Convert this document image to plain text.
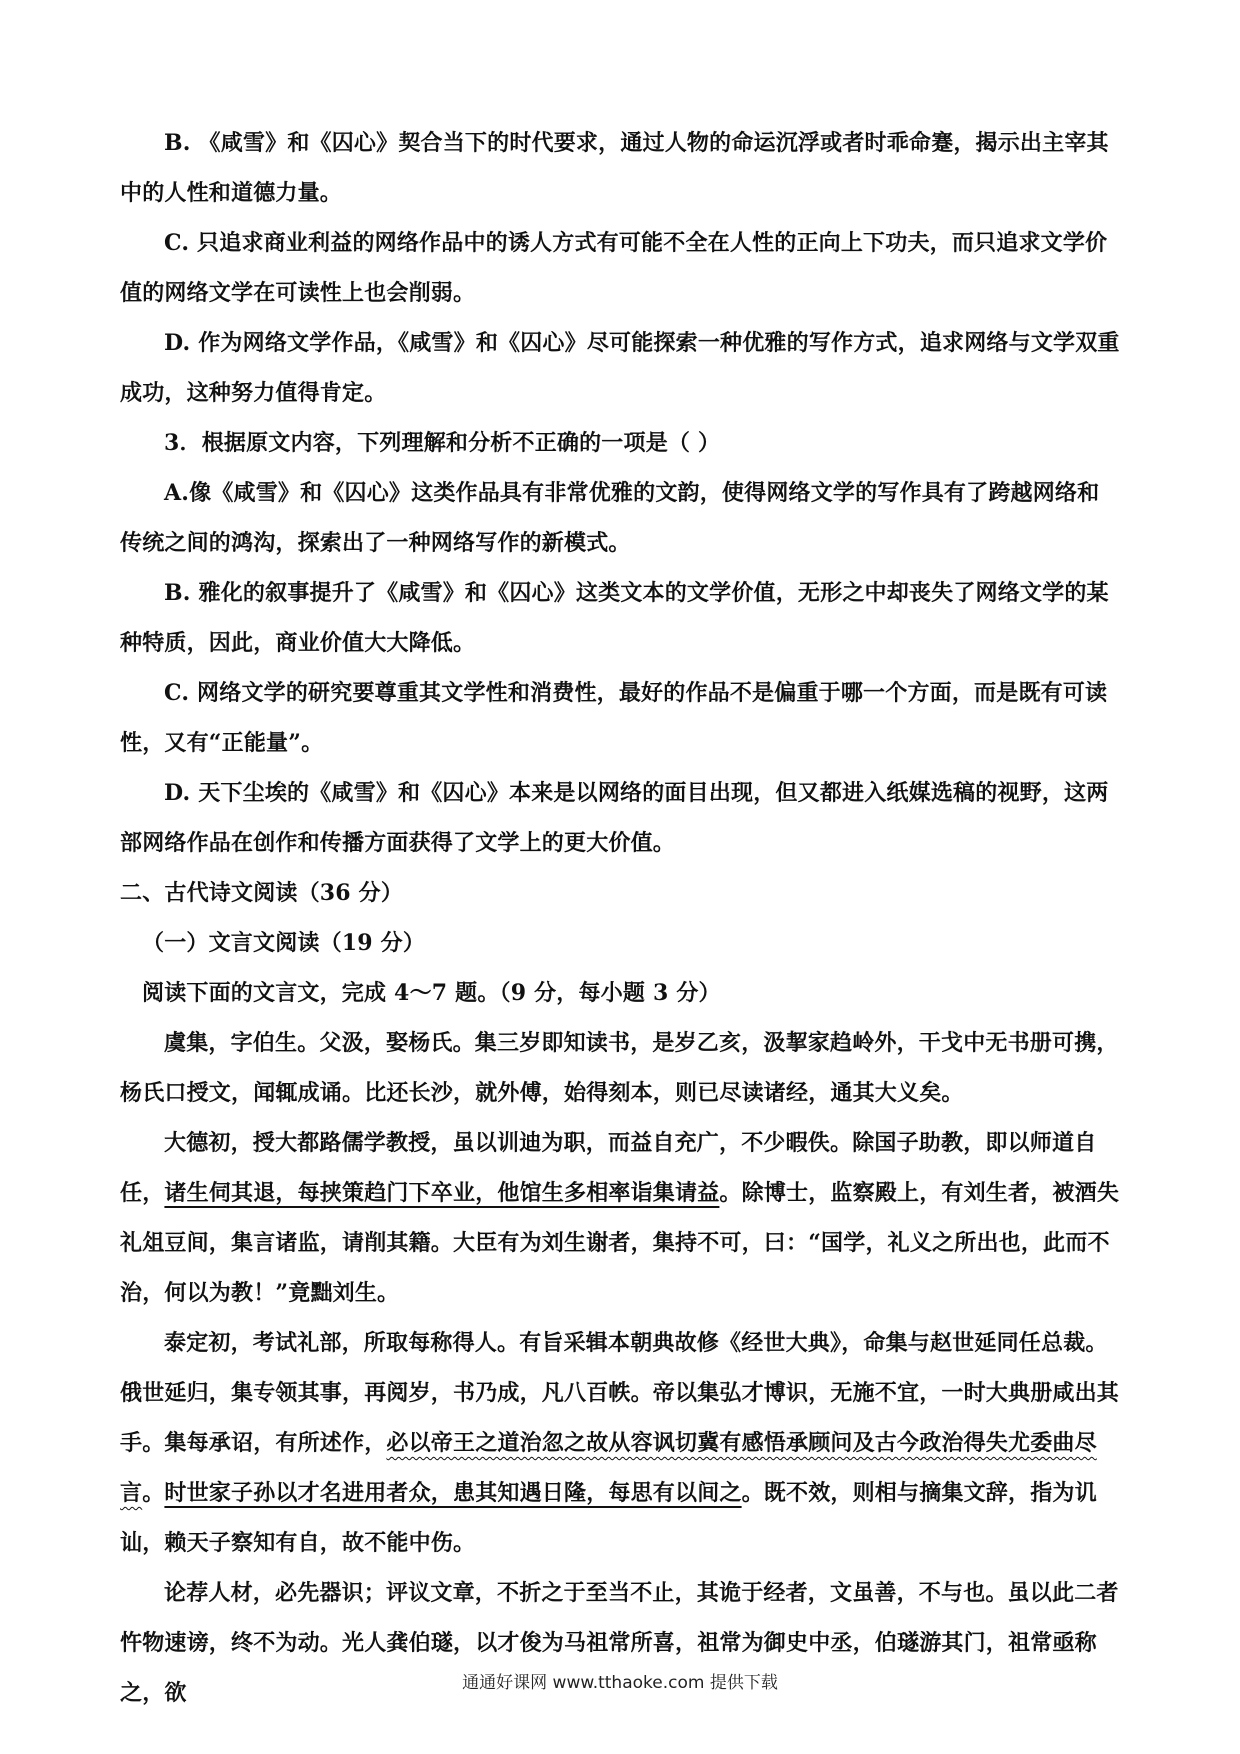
B. 《咸雪》和《囚心》契合当下的时代要求，通过人物的命运沉浮或者时乖命蹇，揭示出主宰其中的人性和道德力量。

C. 只追求商业利益的网络作品中的诱人方式有可能不全在人性的正向上下功夫，而只追求文学价值的网络文学在可读性上也会削弱。

D. 作为网络文学作品，《咸雪》和《囚心》尽可能探索一种优雅的写作方式，追求网络与文学双重成功，这种努力值得肯定。

3．根据原文内容，下列理解和分析不正确的一项是（ ）

A.像《咸雪》和《囚心》这类作品具有非常优雅的文韵，使得网络文学的写作具有了跨越网络和传统之间的鸿沟，探索出了一种网络写作的新模式。

B. 雅化的叙事提升了《咸雪》和《囚心》这类文本的文学价值，无形之中却丧失了网络文学的某种特质，因此，商业价值大大降低。

C. 网络文学的研究要尊重其文学性和消费性，最好的作品不是偏重于哪一个方面，而是既有可读性，又有“正能量”。

D. 天下尘埃的《咸雪》和《囚心》本来是以网络的面目出现，但又都进入纸媒选稿的视野，这两部网络作品在创作和传播方面获得了文学上的更大价值。

二、古代诗文阅读（36 分）

（一）文言文阅读（19 分）

阅读下面的文言文，完成 4～7 题。（9 分，每小题 3 分）

虞集，字伯生。父汲，娶杨氏。集三岁即知读书，是岁乙亥，汲挈家趋岭外，干戈中无书册可携，杨氏口授文，闻辄成诵。比还长沙，就外傅，始得刻本，则已尽读诸经，通其大义矣。

大德初，授大都路儒学教授，虽以训迪为职，而益自充广，不少暇佚。除国子助教，即以师道自任，诸生伺其退，每挟策趋门下卒业，他馆生多相率诣集请益。除博士，监察殿上，有刘生者，被酒失礼俎豆间，集言诸监，请削其籍。大臣有为刘生谢者，集持不可，曰：“国学，礼义之所出也，此而不治，何以为教！”竟黜刘生。

泰定初，考试礼部，所取每称得人。有旨采辑本朝典故修《经世大典》，命集与赵世延同任总裁。俄世延归，集专领其事，再阅岁，书乃成，凡八百帙。帝以集弘才博识，无施不宜，一时大典册咸出其手。集每承诏，有所述作，必以帝王之道治忽之故从容讽切冀有感悟承顾问及古今政治得失尤委曲尽言。时世家子孙以才名进用者众，患其知遇日隆，每思有以间之。既不效，则相与摘集文辞，指为讥讪，赖天子察知有自，故不能中伤。

论荐人材，必先器识；评议文章，不折之于至当不止，其诡于经者，文虽善，不与也。虽以此二者忤物速谤，终不为动。光人龚伯璲，以才俊为马祖常所喜，祖常为御史中丞，伯璲游其门，祖常亟称之，欲	通通好课网 www.tthaoke.com 提供下载
